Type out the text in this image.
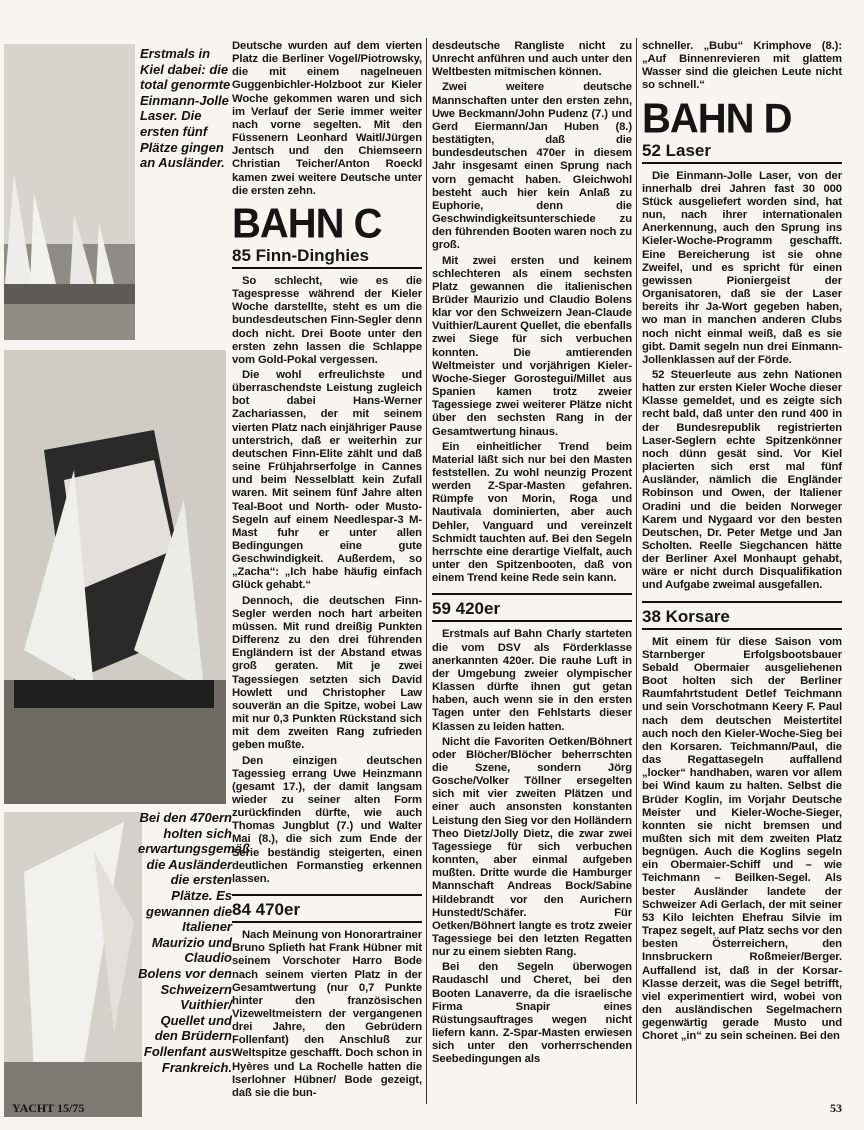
Erstmals in Kiel dabei: die total genormte Einmann-Jolle Laser. Die ersten fünf Plätze gingen an Ausländer.

Bei den 470ern holten sich erwartungsgemäß die Ausländer die ersten Plätze. Es gewannen die Italiener Maurizio und Claudio Bolens vor den Schweizern Vuithier/ Quellet und den Brüdern Follenfant aus Frankreich.

Deutsche wurden auf dem vierten Platz die Berliner Vogel/Piotrowsky, die mit einem nagelneuen Guggenbichler-Holzboot zur Kieler Woche gekommen waren und sich im Verlauf der Serie immer weiter nach vorne segelten. Mit den Füssenern Leonhard Waitl/Jürgen Jentsch und den Chiemseern Christian Teicher/Anton Roeckl kamen zwei weitere Deutsche unter die ersten zehn.

BAHN C
85 Finn-Dinghies

So schlecht, wie es die Tagespresse während der Kieler Woche darstellte, steht es um die bundesdeutschen Finn-Segler denn doch nicht. Drei Boote unter den ersten zehn lassen die Schlappe vom Gold-Pokal vergessen.

Die wohl erfreulichste und überraschendste Leistung zugleich bot dabei Hans-Werner Zachariassen, der mit seinem vierten Platz nach einjähriger Pause unterstrich, daß er weiterhin zur deutschen Finn-Elite zählt und daß seine Frühjahrserfolge in Cannes und beim Nesselblatt kein Zufall waren. Mit seinem fünf Jahre alten Teal-Boot und North- oder Musto-Segeln auf einem Needlespar-3 M-Mast fuhr er unter allen Bedingungen eine gute Geschwindigkeit. Außerdem, so „Zacha“: „Ich habe häufig einfach Glück gehabt.“

Dennoch, die deutschen Finn-Segler werden noch hart arbeiten müssen. Mit rund dreißig Punkten Differenz zu den drei führenden Engländern ist der Abstand etwas groß geraten. Mit je zwei Tagessiegen setzten sich David Howlett und Christopher Law souverän an die Spitze, wobei Law mit nur 0,3 Punkten Rückstand sich mit dem zweiten Rang zufrieden geben mußte.

Den einzigen deutschen Tagessieg errang Uwe Heinzmann (gesamt 17.), der damit langsam wieder zu seiner alten Form zurückfinden dürfte, wie auch Thomas Jungblut (7.) und Walter Mai (8.), die sich zum Ende der Serie beständig steigerten, einen deutlichen Formanstieg erkennen lassen.

84 470er

Nach Meinung von Honorartrainer Bruno Splieth hat Frank Hübner mit seinem Vorschoter Harro Bode nach seinem vierten Platz in der Gesamtwertung (nur 0,7 Punkte hinter den französischen Vizeweltmeistern der vergangenen drei Jahre, den Gebrüdern Follenfant) den Anschluß zur Weltspitze geschafft. Doch schon in Hyères und La Rochelle hatten die Iserlohner Hübner/ Bode gezeigt, daß sie die bun-

desdeutsche Rangliste nicht zu Unrecht anführen und auch unter den Weltbesten mitmischen können.

Zwei weitere deutsche Mannschaften unter den ersten zehn, Uwe Beckmann/John Pudenz (7.) und Gerd Eiermann/Jan Huben (8.) bestätigten, daß die bundesdeutschen 470er in diesem Jahr insgesamt einen Sprung nach vorn gemacht haben. Gleichwohl besteht auch hier kein Anlaß zu Euphorie, denn die Geschwindigkeitsunterschiede zu den führenden Booten waren noch zu groß.

Mit zwei ersten und keinem schlechteren als einem sechsten Platz gewannen die italienischen Brüder Maurizio und Claudio Bolens klar vor den Schweizern Jean-Claude Vuithier/Laurent Quellet, die ebenfalls zwei Siege für sich verbuchen konnten. Die amtierenden Weltmeister und vorjährigen Kieler-Woche-Sieger Gorostegui/Millet aus Spanien kamen trotz zweier Tagessiege zwei weiterer Plätze nicht über den sechsten Rang in der Gesamtwertung hinaus.

Ein einheitlicher Trend beim Material läßt sich nur bei den Masten feststellen. Zu wohl neunzig Prozent werden Z-Spar-Masten gefahren. Rümpfe von Morin, Roga und Nautivala dominierten, aber auch Dehler, Vanguard und vereinzelt Schmidt tauchten auf. Bei den Segeln herrschte eine derartige Vielfalt, auch unter den Spitzenbooten, daß von einem Trend keine Rede sein kann.

59 420er

Erstmals auf Bahn Charly starteten die vom DSV als Förderklasse anerkannten 420er. Die rauhe Luft in der Umgebung zweier olympischer Klassen dürfte ihnen gut getan haben, auch wenn sie in den ersten Tagen unter den Fehlstarts dieser Klassen zu leiden hatten.

Nicht die Favoriten Oetken/Böhnert oder Blöcher/Blöcher beherrschten die Szene, sondern Jörg Gosche/Volker Töllner ersegelten sich mit vier zweiten Plätzen und einer auch ansonsten konstanten Leistung den Sieg vor den Holländern Theo Dietz/Jolly Dietz, die zwar zwei Tagessiege für sich verbuchen konnten, aber einmal aufgeben mußten. Dritte wurde die Hamburger Mannschaft Andreas Bock/Sabine Hildebrandt vor den Aurichern Hunstedt/Schäfer. Für Oetken/Böhnert langte es trotz zweier Tagessiege bei den letzten Regatten nur zu einem siebten Rang.

Bei den Segeln überwogen Raudaschl und Cheret, bei den Booten Lanaverre, da die israelische Firma Snapir eines Rüstungsauftrages wegen nicht liefern kann. Z-Spar-Masten erwiesen sich unter den vorherrschenden Seebedingungen als

schneller. „Bubu“ Krimphove (8.): „Auf Binnenrevieren mit glattem Wasser sind die gleichen Leute nicht so schnell.“

BAHN D
52 Laser

Die Einmann-Jolle Laser, von der innerhalb drei Jahren fast 30 000 Stück ausgeliefert worden sind, hat nun, nach ihrer internationalen Anerkennung, auch den Sprung ins Kieler-Woche-Programm geschafft. Eine Bereicherung ist sie ohne Zweifel, und es spricht für einen gewissen Pioniergeist der Organisatoren, daß sie der Laser bereits ihr Ja-Wort gegeben haben, wo man in manchen anderen Clubs noch nicht einmal weiß, daß es sie gibt. Damit segeln nun drei Einmann-Jollenklassen auf der Förde.

52 Steuerleute aus zehn Nationen hatten zur ersten Kieler Woche dieser Klasse gemeldet, und es zeigte sich recht bald, daß unter den rund 400 in der Bundesrepublik registrierten Laser-Seglern echte Spitzenkönner noch dünn gesät sind. Vor Kiel placierten sich erst mal fünf Ausländer, nämlich die Engländer Robinson und Owen, der Italiener Oradini und die beiden Norweger Karem und Nygaard vor den besten Deutschen, Dr. Peter Metge und Jan Scholten. Reelle Siegchancen hätte der Berliner Axel Monhaupt gehabt, wäre er nicht durch Disqualifikation und Aufgabe zweimal ausgefallen.

38 Korsare

Mit einem für diese Saison vom Starnberger Erfolgsbootsbauer Sebald Obermaier ausgeliehenen Boot holten sich der Berliner Raumfahrtstudent Detlef Teichmann und sein Vorschotmann Keery F. Paul nach dem deutschen Meistertitel auch noch den Kieler-Woche-Sieg bei den Korsaren. Teichmann/Paul, die das Regattasegeln auffallend „locker“ handhaben, waren vor allem bei Wind kaum zu halten. Selbst die Brüder Koglin, im Vorjahr Deutsche Meister und Kieler-Woche-Sieger, konnten sie nicht bremsen und mußten sich mit dem zweiten Platz begnügen. Auch die Koglins segeln ein Obermaier-Schiff und – wie Teichmann – Beilken-Segel. Als bester Ausländer landete der Schweizer Adi Gerlach, der mit seiner 53 Kilo leichten Ehefrau Silvie im Trapez segelt, auf Platz sechs vor den besten Österreichern, den Innsbruckern Roßmeier/Berger. Auffallend ist, daß in der Korsar-Klasse derzeit, was die Segel betrifft, viel experimentiert wird, wobei von den ausländischen Segelmachern gegenwärtig gerade Musto und Choret „in“ zu sein scheinen. Bei den

YACHT 15/75	53
